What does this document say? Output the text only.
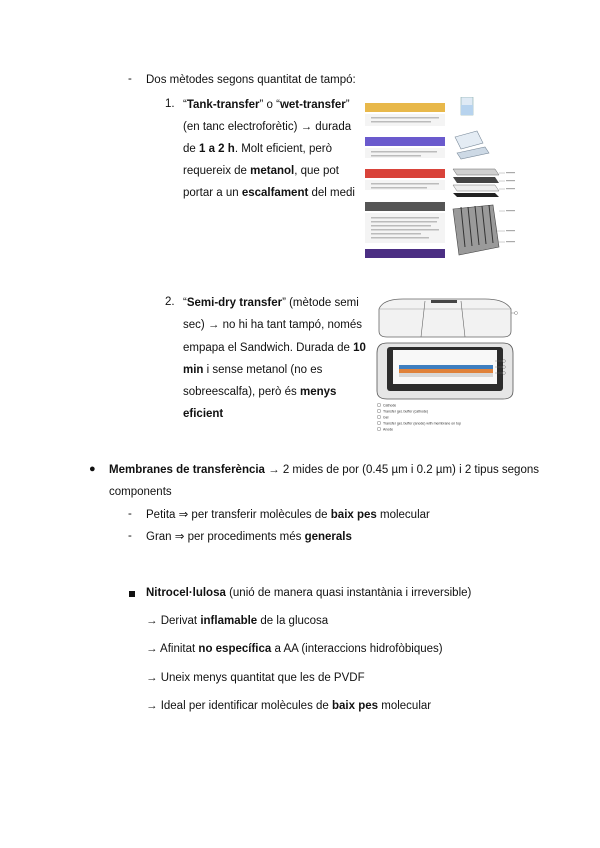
- Dos mètodes segons quantitat de tampó:
1. “Tank-transfer” o “wet-transfer”
(en tanc electroforètic) → durada
de 1 a 2 h. Molt eficient, però
requereix de metanol, que pot
portar a un escalfament del medi
2. “Semi-dry transfer” (mètode semi
sec) → no hi ha tant tampó, només
empapa el Sandwich. Durada de 10
min i sense metanol (no es
sobreescalfa), però és menys
eficient
Cathode
Transfer gel, buffer (cathode)
Gel
Transfer gel, buffer (anode) with membrane on top
Anode
● Membranes de transferència → 2 mides de por (0.45 µm i 0.2 µm) i 2 tipus segons
components
- Petita ⇒ per transferir molècules de baix pes molecular
- Gran ⇒ per procediments més generals
Nitrocel·lulosa (unió de manera quasi instantània i irreversible)
→ Derivat inflamable de la glucosa
→ Afinitat no específica a AA (interaccions hidrofòbiques)
→ Uneix menys quantitat que les de PVDF
→ Ideal per identificar molècules de baix pes molecular
